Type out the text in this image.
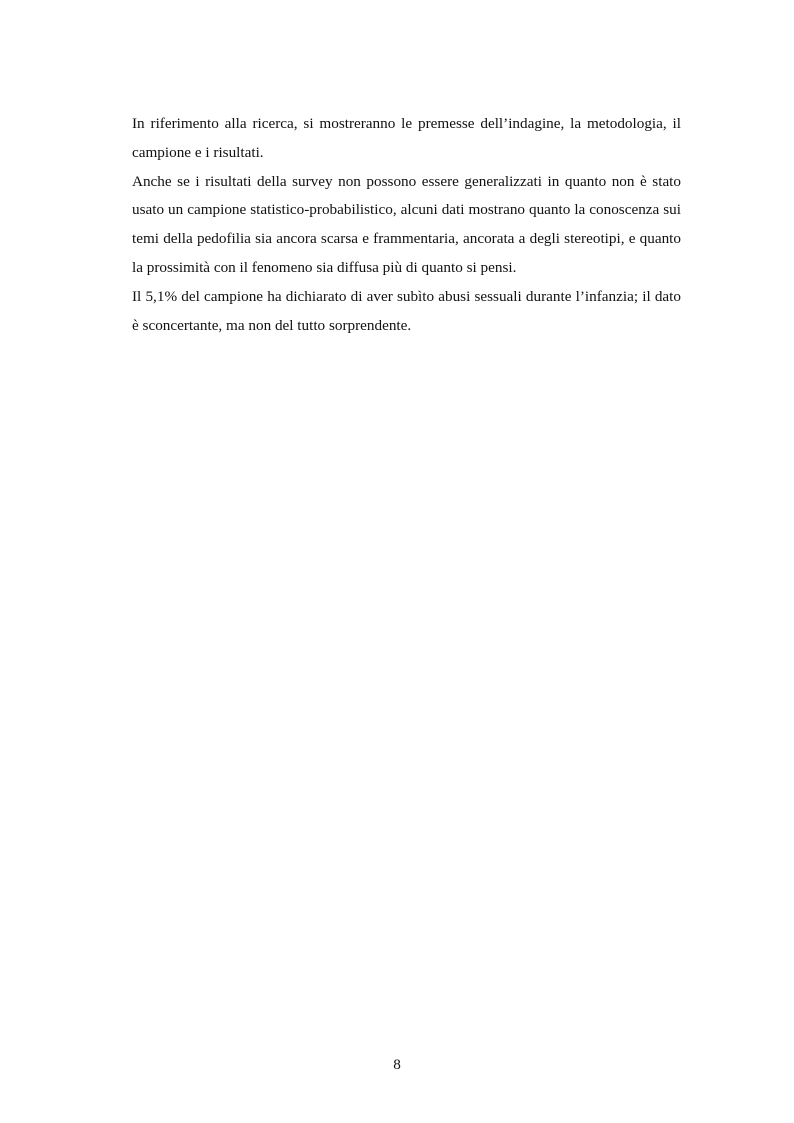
In riferimento alla ricerca, si mostreranno le premesse dell’indagine, la metodologia, il campione e i risultati.

Anche se i risultati della survey non possono essere generalizzati in quanto non è stato usato un campione statistico-probabilistico, alcuni dati mostrano quanto la conoscenza sui temi della pedofilia sia ancora scarsa e frammentaria, ancorata a degli stereotipi, e quanto la prossimità con il fenomeno sia diffusa più di quanto si pensi.

Il 5,1% del campione ha dichiarato di aver subìto abusi sessuali durante l’infanzia; il dato è sconcertante, ma non del tutto sorprendente.

8
